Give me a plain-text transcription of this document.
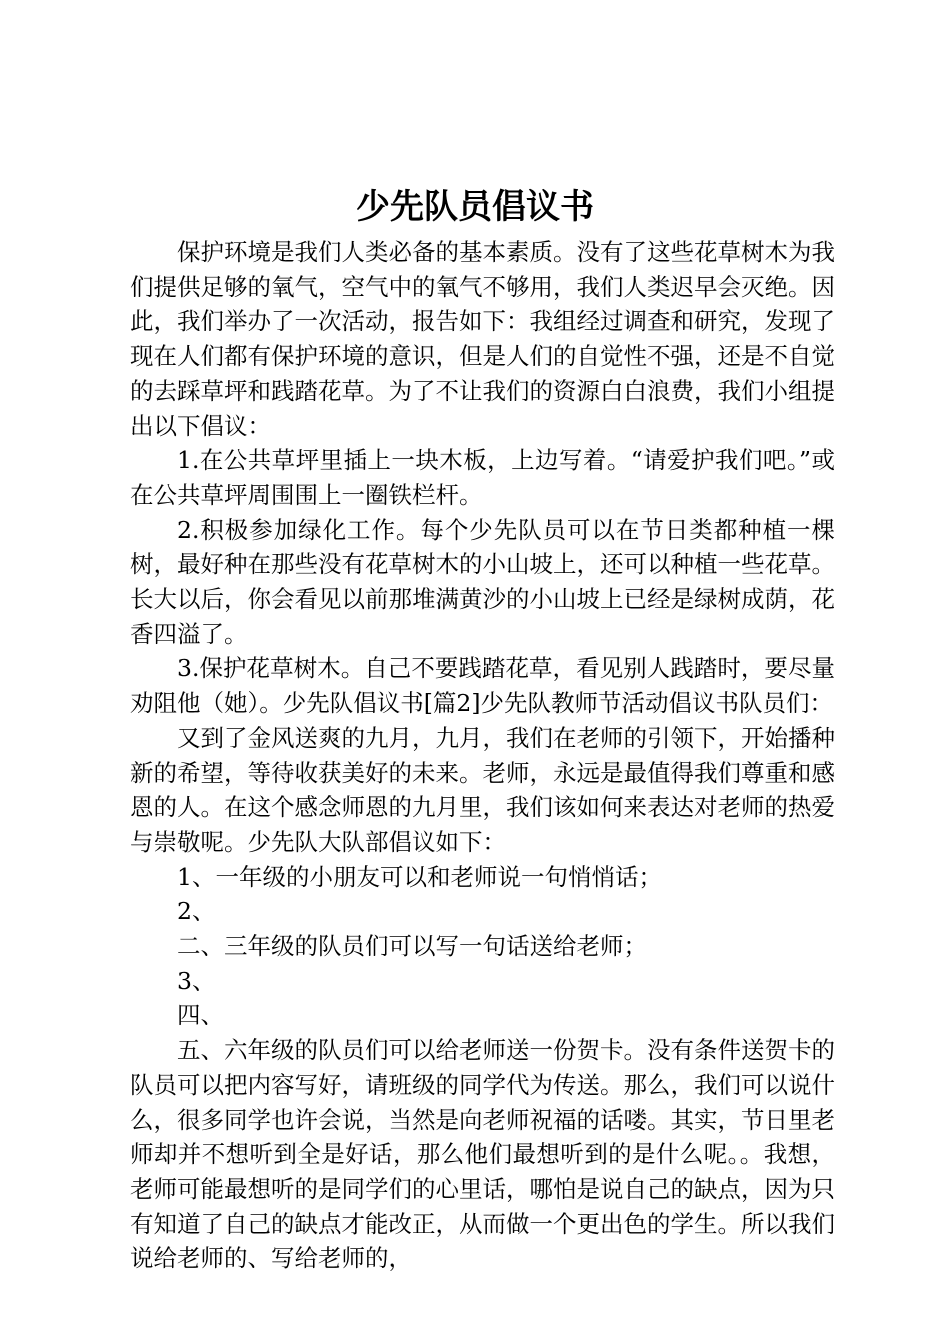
少先队员倡议书

保护环境是我们人类必备的基本素质。没有了这些花草树木为我们提供足够的氧气，空气中的氧气不够用，我们人类迟早会灭绝。因此，我们举办了一次活动，报告如下：我组经过调查和研究，发现了现在人们都有保护环境的意识，但是人们的自觉性不强，还是不自觉的去踩草坪和践踏花草。为了不让我们的资源白白浪费，我们小组提出以下倡议：

1.在公共草坪里插上一块木板，上边写着。“请爱护我们吧。”或在公共草坪周围围上一圈铁栏杆。

2.积极参加绿化工作。每个少先队员可以在节日类都种植一棵树，最好种在那些没有花草树木的小山坡上，还可以种植一些花草。长大以后，你会看见以前那堆满黄沙的小山坡上已经是绿树成荫，花香四溢了。

3.保护花草树木。自己不要践踏花草，看见别人践踏时，要尽量劝阻他（她）。少先队倡议书[篇2]少先队教师节活动倡议书队员们：

又到了金风送爽的九月，九月，我们在老师的引领下，开始播种新的希望，等待收获美好的未来。老师，永远是最值得我们尊重和感恩的人。在这个感念师恩的九月里，我们该如何来表达对老师的热爱与崇敬呢。少先队大队部倡议如下：

1、一年级的小朋友可以和老师说一句悄悄话；

2、

二、三年级的队员们可以写一句话送给老师；

3、

四、

五、六年级的队员们可以给老师送一份贺卡。没有条件送贺卡的队员可以把内容写好，请班级的同学代为传送。那么，我们可以说什么，很多同学也许会说，当然是向老师祝福的话喽。其实，节日里老师却并不想听到全是好话，那么他们最想听到的是什么呢。。我想，老师可能最想听的是同学们的心里话，哪怕是说自己的缺点，因为只有知道了自己的缺点才能改正，从而做一个更出色的学生。所以我们说给老师的、写给老师的，
